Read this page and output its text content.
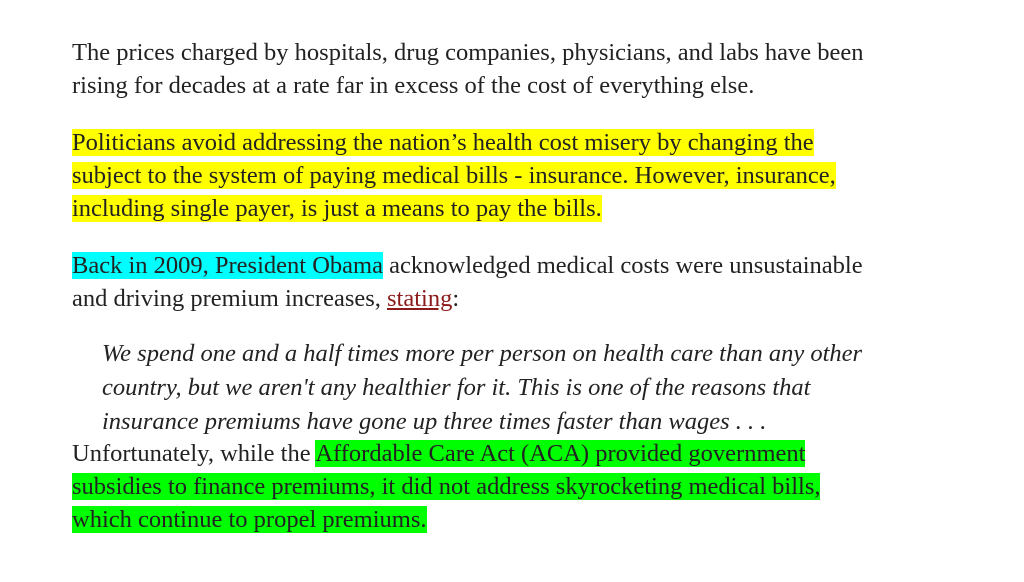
The prices charged by hospitals, drug companies, physicians, and labs have been
rising for decades at a rate far in excess of the cost of everything else.

Politicians avoid addressing the nation’s health cost misery by changing the
subject to the system of paying medical bills - insurance. However, insurance,
including single payer, is just a means to pay the bills.

Back in 2009, President Obama acknowledged medical costs were unsustainable
and driving premium increases, stating:

We spend one and a half times more per person on health care than any other
country, but we aren't any healthier for it. This is one of the reasons that
insurance premiums have gone up three times faster than wages . . .

Unfortunately, while the Affordable Care Act (ACA) provided government
subsidies to finance premiums, it did not address skyrocketing medical bills,
which continue to propel premiums.
